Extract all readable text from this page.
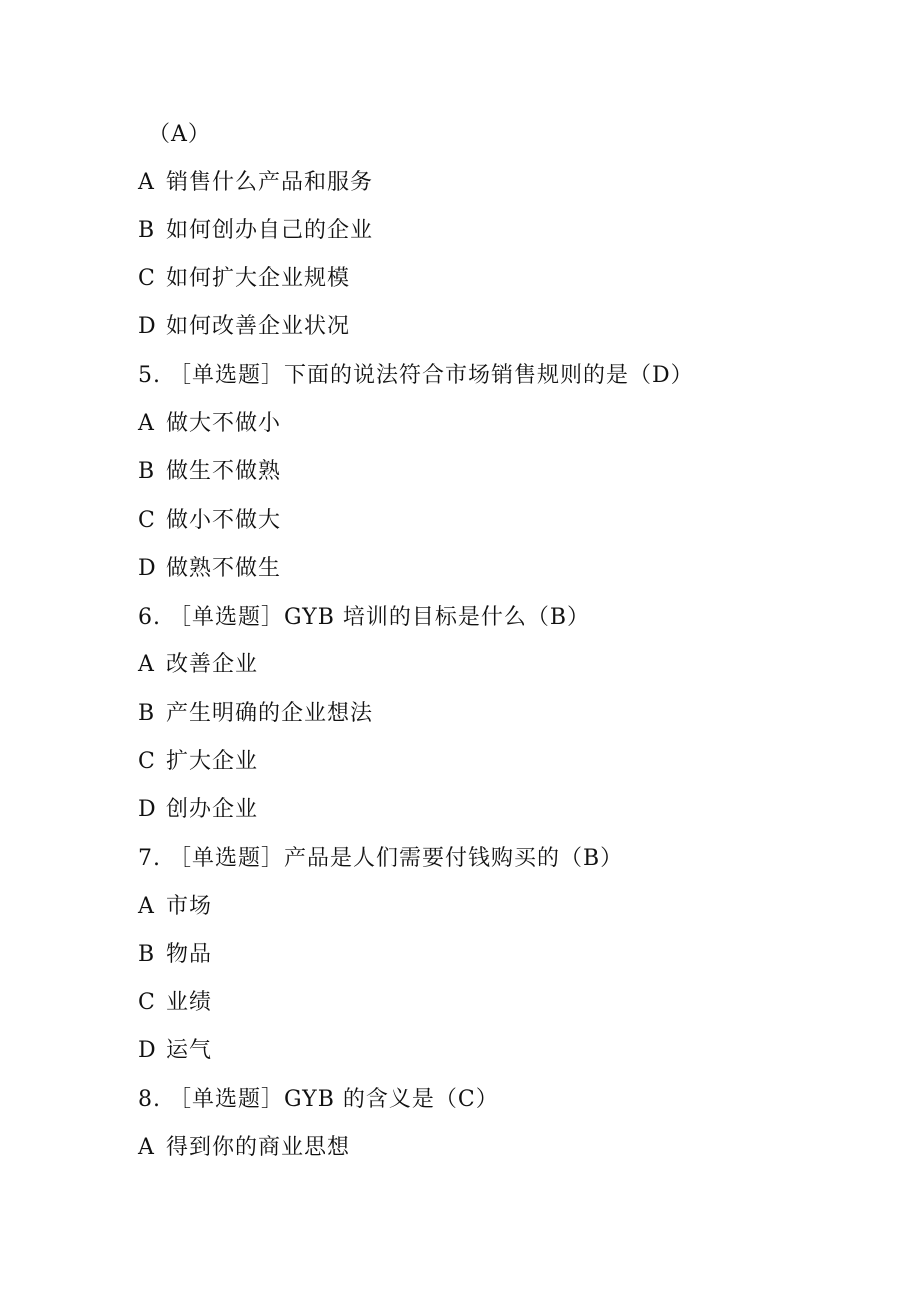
（A）
A 销售什么产品和服务
B 如何创办自己的企业
C 如何扩大企业规模
D 如何改善企业状况
5. ［单选题］下面的说法符合市场销售规则的是（D）
A 做大不做小
B 做生不做熟
C 做小不做大
D 做熟不做生
6. ［单选题］GYB 培训的目标是什么（B）
A 改善企业
B 产生明确的企业想法
C 扩大企业
D 创办企业
7. ［单选题］产品是人们需要付钱购买的（B）
A 市场
B 物品
C 业绩
D 运气
8. ［单选题］GYB 的含义是（C）
A 得到你的商业思想
